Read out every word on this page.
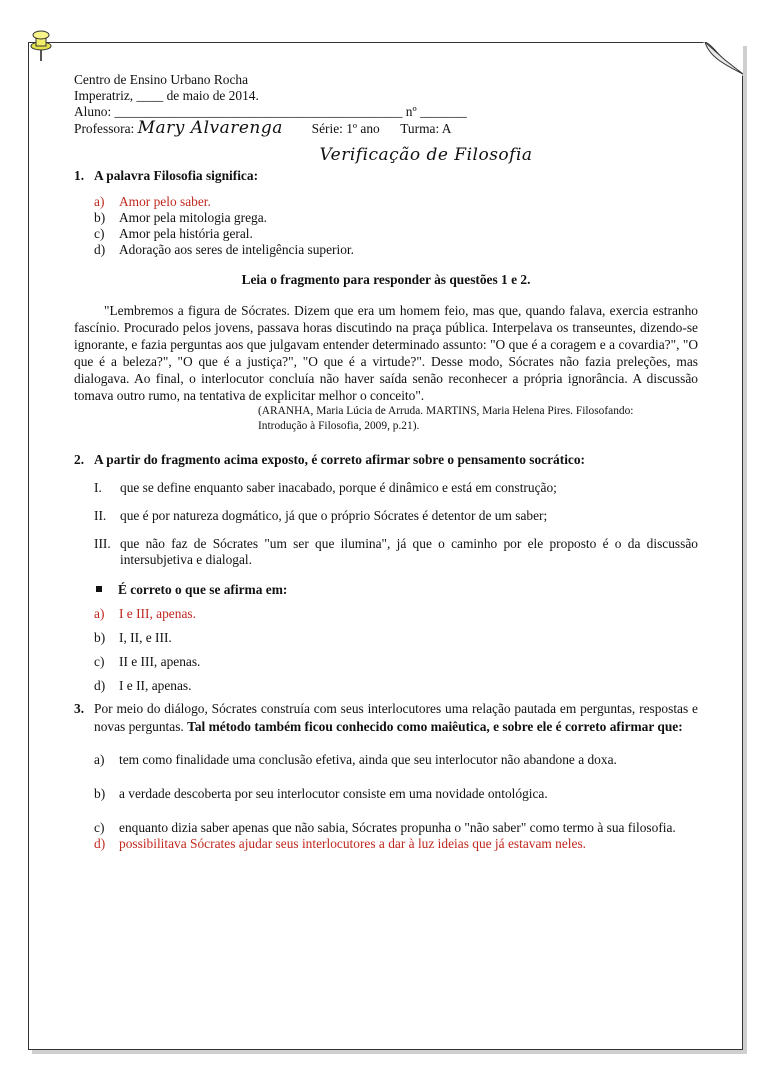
Centro de Ensino Urbano Rocha
Imperatriz, ____ de maio de 2014.
Aluno: ___________________________________________ nº _______
Professora: Mary Alvarenga Série: 1º ano Turma: A
Verificação de Filosofia
1. A palavra Filosofia significa:
a)	Amor pelo saber.
b)	Amor pela mitologia grega.
c)	Amor pela história geral.
d)	Adoração aos seres de inteligência superior.
Leia o fragmento para responder às questões 1 e 2.
"Lembremos a figura de Sócrates. Dizem que era um homem feio, mas que, quando falava, exercia estranho fascínio. Procurado pelos jovens, passava horas discutindo na praça pública. Interpelava os transeuntes, dizendo-se ignorante, e fazia perguntas aos que julgavam entender determinado assunto: "O que é a coragem e a covardia?", "O que é a beleza?", "O que é a justiça?", "O que é a virtude?". Desse modo, Sócrates não fazia preleções, mas dialogava. Ao final, o interlocutor concluía não haver saída senão reconhecer a própria ignorância. A discussão tomava outro rumo, na tentativa de explicitar melhor o conceito".
(ARANHA, Maria Lúcia de Arruda. MARTINS, Maria Helena Pires. Filosofando:
Introdução à Filosofia, 2009, p.21).
2. A partir do fragmento acima exposto, é correto afirmar sobre o pensamento socrático:
I.	que se define enquanto saber inacabado, porque é dinâmico e está em construção;
II.	que é por natureza dogmático, já que o próprio Sócrates é detentor de um saber;
III. que não faz de Sócrates "um ser que ilumina", já que o caminho por ele proposto é o da discussão intersubjetiva e dialogal.
É correto o que se afirma em:
a)	I e III, apenas.
b)	I, II, e III.
c)	II e III, apenas.
d)	I e II, apenas.
3. Por meio do diálogo, Sócrates construía com seus interlocutores uma relação pautada em perguntas, respostas e novas perguntas. Tal método também ficou conhecido como maiêutica, e sobre ele é correto afirmar que:
a)	tem como finalidade uma conclusão efetiva, ainda que seu interlocutor não abandone a doxa.
b)	a verdade descoberta por seu interlocutor consiste em uma novidade ontológica.
c)	enquanto dizia saber apenas que não sabia, Sócrates propunha o "não saber" como termo à sua filosofia.
d)	possibilitava Sócrates ajudar seus interlocutores a dar à luz ideias que já estavam neles.
